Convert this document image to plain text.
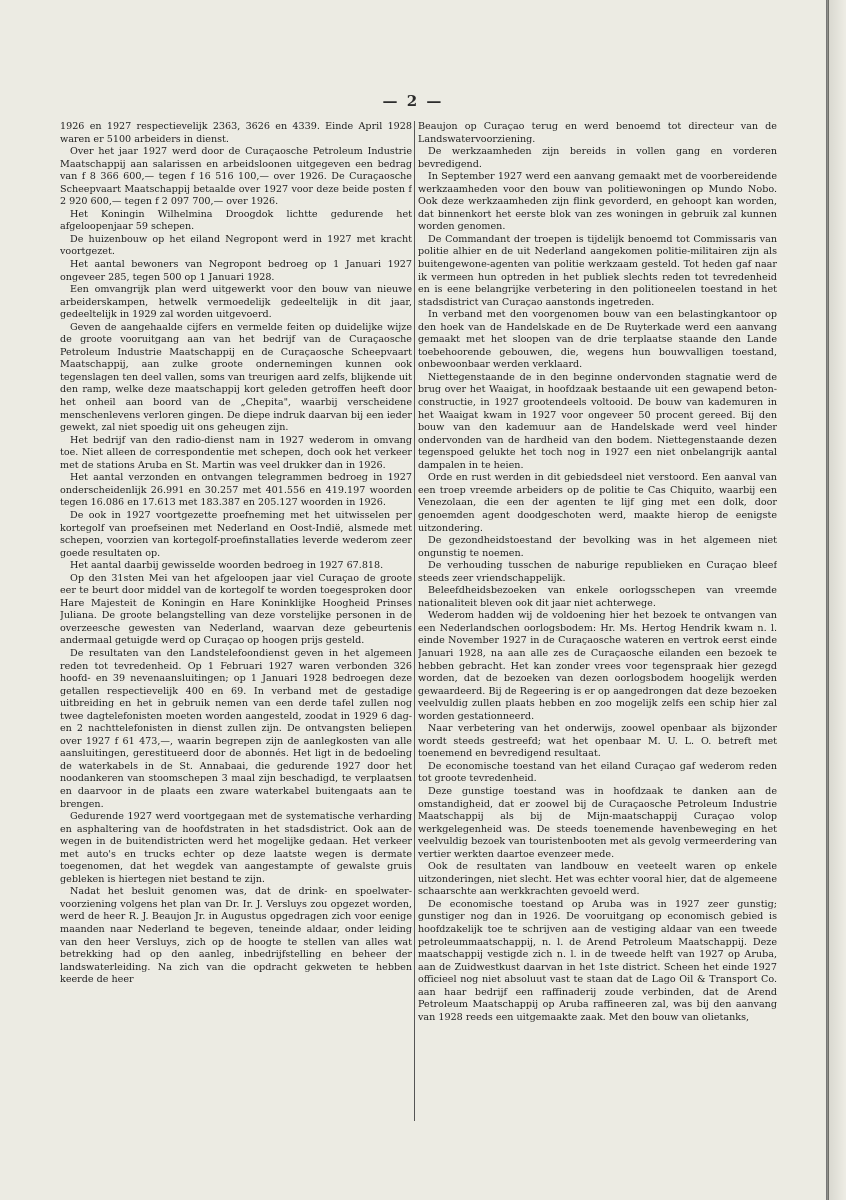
— 2 —

1926 en 1927 respectievelijk 2363, 3626 en 4339. Einde April 1928 waren er 5100 arbeiders in dienst.

Over het jaar 1927 werd door de Curaçaosche Petroleum Industrie Maatschappij aan salarissen en arbeidsloonen uitgegeven een bedrag van f 8 366 600,— tegen f 16 516 100,— over 1926. De Curaçaosche Scheepvaart Maatschappij betaalde over 1927 voor deze beide posten f 2 920 600,— tegen f 2 097 700,— over 1926.

Het Koningin Wilhelmina Droogdok lichtte gedurende het afgeloopenjaar 59 schepen.

De huizenbouw op het eiland Negropont werd in 1927 met kracht voortgezet.

Het aantal bewoners van Negropont bedroeg op 1 Januari 1927 ongeveer 285, tegen 500 op 1 Januari 1928.

Een omvangrijk plan werd uitgewerkt voor den bouw van nieuwe arbeiderskampen, hetwelk vermoedelijk gedeeltelijk in dit jaar, gedeeltelijk in 1929 zal worden uitgevoerd.

Geven de aangehaalde cijfers en vermelde feiten op duidelijke wijze de groote vooruitgang aan van het bedrijf van de Curaçaosche Petroleum Industrie Maatschappij en de Curaçaosche Scheepvaart Maatschappij, aan zulke groote ondernemingen kunnen ook tegenslagen ten deel vallen, soms van treurigen aard zelfs, blijkende uit den ramp, welke deze maatschappij kort geleden getroffen heeft door het onheil aan boord van de „Chepita", waarbij verscheidene menschenlevens verloren gingen. De diepe indruk daarvan bij een ieder gewekt, zal niet spoedig uit ons geheugen zijn.

Het bedrijf van den radio-dienst nam in 1927 wederom in omvang toe. Niet alleen de correspondentie met schepen, doch ook het verkeer met de stations Aruba en St. Martin was veel drukker dan in 1926.

Het aantal verzonden en ontvangen telegrammen bedroeg in 1927 onderscheidenlijk 26.991 en 30.257 met 401.556 en 419.197 woorden tegen 16.086 en 17.613 met 183.387 en 205.127 woorden in 1926.

De ook in 1927 voortgezette proefneming met het uitwisselen per kortegolf van proefseinen met Nederland en Oost-Indië, alsmede met schepen, voorzien van kortegolf-proefinstallaties leverde wederom zeer goede resultaten op.

Het aantal daarbij gewisselde woorden bedroeg in 1927 67.818.

Op den 31sten Mei van het afgeloopen jaar viel Curaçao de groote eer te beurt door middel van de kortegolf te worden toegesproken door Hare Majesteit de Koningin en Hare Koninklijke Hoogheid Prinses Juliana. De groote belangstelling van deze vorstelijke personen in de overzeesche gewesten van Nederland, waarvan deze gebeurtenis andermaal getuigde werd op Curaçao op hoogen prijs gesteld.

De resultaten van den Landstelefoondienst geven in het algemeen reden tot tevredenheid. Op 1 Februari 1927 waren verbonden 326 hoofd- en 39 nevenaansluitingen; op 1 Januari 1928 bedroegen deze getallen respectievelijk 400 en 69. In verband met de gestadige uitbreiding en het in gebruik nemen van een derde tafel zullen nog twee dagtelefonisten moeten worden aangesteld, zoodat in 1929 6 dag- en 2 nachttelefonisten in dienst zullen zijn. De ontvangsten beliepen over 1927 f 61 473,—, waarin begrepen zijn de aanlegkosten van alle aansluitingen, gerestitueerd door de abonnés. Het ligt in de bedoeling de waterkabels in de St. Annabaai, die gedurende 1927 door het noodankeren van stoomschepen 3 maal zijn beschadigd, te verplaatsen en daarvoor in de plaats een zware waterkabel buitengaats aan te brengen.

Gedurende 1927 werd voortgegaan met de systematische verharding en asphaltering van de hoofdstraten in het stadsdistrict. Ook aan de wegen in de buitendistricten werd het mogelijke gedaan. Het verkeer met auto's en trucks echter op deze laatste wegen is dermate toegenomen, dat het wegdek van aangestampte of gewalste gruis gebleken is hiertegen niet bestand te zijn.

Nadat het besluit genomen was, dat de drink- en spoelwater-voorziening volgens het plan van Dr. Ir. J. Versluys zou opgezet worden, werd de heer R. J. Beaujon Jr. in Augustus opgedragen zich voor eenige maanden naar Nederland te begeven, teneinde aldaar, onder leiding van den heer Versluys, zich op de hoogte te stellen van alles wat betrekking had op den aanleg, inbedrijfstelling en beheer der landswaterleiding. Na zich van die opdracht gekweten te hebben keerde de heer

Beaujon op Curaçao terug en werd benoemd tot directeur van de Landswatervoorziening.

De werkzaamheden zijn bereids in vollen gang en vorderen bevredigend.

In September 1927 werd een aanvang gemaakt met de voorbereidende werkzaamheden voor den bouw van politiewoningen op Mundo Nobo. Ook deze werkzaamheden zijn flink gevorderd, en gehoopt kan worden, dat binnenkort het eerste blok van zes woningen in gebruik zal kunnen worden genomen.

De Commandant der troepen is tijdelijk benoemd tot Commissaris van politie alhier en de uit Nederland aangekomen politie-militairen zijn als buitengewone-agenten van politie werkzaam gesteld. Tot heden gaf naar ik vermeen hun optreden in het publiek slechts reden tot tevredenheid en is eene belangrijke verbetering in den politioneelen toestand in het stadsdistrict van Curaçao aanstonds ingetreden.

In verband met den voorgenomen bouw van een belastingkantoor op den hoek van de Handelskade en de De Ruyterkade werd een aanvang gemaakt met het sloopen van de drie terplaatse staande den Lande toebehoorende gebouwen, die, wegens hun bouwvalligen toestand, onbewoonbaar werden verklaard.

Niettegenstaande de in den beginne ondervonden stagnatie werd de brug over het Waaigat, in hoofdzaak bestaande uit een gewapend beton-constructie, in 1927 grootendeels voltooid. De bouw van kademuren in het Waaigat kwam in 1927 voor ongeveer 50 procent gereed. Bij den bouw van den kademuur aan de Handelskade werd veel hinder ondervonden van de hardheid van den bodem. Niettegenstaande dezen tegenspoed gelukte het toch nog in 1927 een niet onbelangrijk aantal dampalen in te heien.

Orde en rust werden in dit gebiedsdeel niet verstoord. Een aanval van een troep vreemde arbeiders op de politie te Cas Chiquito, waarbij een Venezolaan, die een der agenten te lijf ging met een dolk, door genoemden agent doodgeschoten werd, maakte hierop de eenigste uitzondering.

De gezondheidstoestand der bevolking was in het algemeen niet ongunstig te noemen.

De verhouding tusschen de naburige republieken en Curaçao bleef steeds zeer vriendschappelijk.

Beleefdheidsbezoeken van enkele oorlogsschepen van vreemde nationaliteit bleven ook dit jaar niet achterwege.

Wederom hadden wij de voldoening hier het bezoek te ontvangen van een Nederlandschen oorlogsbodem: Hr. Ms. Hertog Hendrik kwam n. l. einde November 1927 in de Curaçaosche wateren en vertrok eerst einde Januari 1928, na aan alle zes de Curaçaosche eilanden een bezoek te hebben gebracht. Het kan zonder vrees voor tegenspraak hier gezegd worden, dat de bezoeken van dezen oorlogsbodem hoogelijk werden gewaardeerd. Bij de Regeering is er op aangedrongen dat deze bezoeken veelvuldig zullen plaats hebben en zoo mogelijk zelfs een schip hier zal worden gestationneerd.

Naar verbetering van het onderwijs, zoowel openbaar als bijzonder wordt steeds gestreefd; wat het openbaar M. U. L. O. betreft met toenemend en bevredigend resultaat.

De economische toestand van het eiland Curaçao gaf wederom reden tot groote tevredenheid.

Deze gunstige toestand was in hoofdzaak te danken aan de omstandigheid, dat er zoowel bij de Curaçaosche Petroleum Industrie Maatschappij als bij de Mijn-maatschappij Curaçao volop werkgelegenheid was. De steeds toenemende havenbeweging en het veelvuldig bezoek van touristenbooten met als gevolg vermeerdering van vertier werkten daartoe evenzeer mede.

Ook de resultaten van landbouw en veeteelt waren op enkele uitzonderingen, niet slecht. Het was echter vooral hier, dat de algemeene schaarschte aan werkkrachten gevoeld werd.

De economische toestand op Aruba was in 1927 zeer gunstig; gunstiger nog dan in 1926. De vooruitgang op economisch gebied is hoofdzakelijk toe te schrijven aan de vestiging aldaar van een tweede petroleummaatschappij, n. l. de Arend Petroleum Maatschappij. Deze maatschappij vestigde zich n. l. in de tweede helft van 1927 op Aruba, aan de Zuidwestkust daarvan in het 1ste district. Scheen het einde 1927 officieel nog niet absoluut vast te staan dat de Lago Oil & Transport Co. aan haar bedrijf een raffinaderij zoude verbinden, dat de Arend Petroleum Maatschappij op Aruba raffineeren zal, was bij den aanvang van 1928 reeds een uitgemaakte zaak. Met den bouw van olietanks,
